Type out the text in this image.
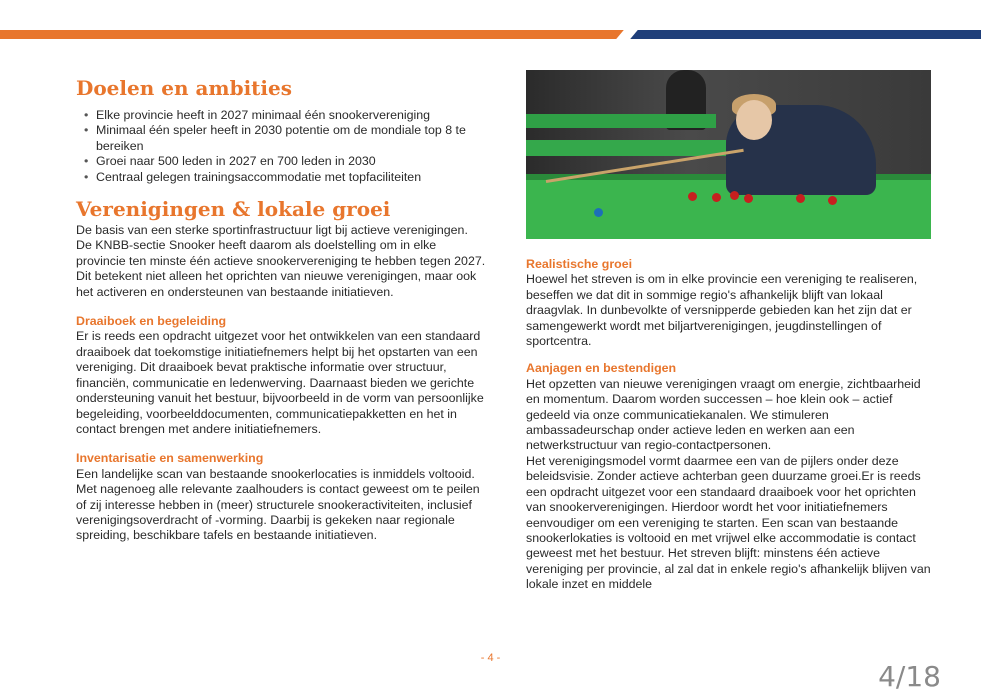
Doelen en ambities
• Elke provincie heeft in 2027 minimaal één snookervereniging
• Minimaal één speler heeft in 2030 potentie om de mondiale top 8 te bereiken
• Groei naar 500 leden in 2027 en 700 leden in 2030
• Centraal gelegen trainingsaccommodatie met topfaciliteiten
Verenigingen & lokale groei

De basis van een sterke sportinfrastructuur ligt bij actieve verenigingen. De KNBB-sectie Snooker heeft daarom als doelstelling om in elke provincie ten minste één actieve snookervereniging te hebben tegen 2027. Dit betekent niet alleen het oprichten van nieuwe verenigingen, maar ook het activeren en ondersteunen van bestaande initiatieven.

Draaiboek en begeleiding

Er is reeds een opdracht uitgezet voor het ontwikkelen van een standaard draaiboek dat toekomstige initiatiefnemers helpt bij het opstarten van een vereniging. Dit draaiboek bevat praktische informatie over structuur, financiën, communicatie en ledenwerving. Daarnaast bieden we gerichte ondersteuning vanuit het bestuur, bijvoorbeeld in de vorm van persoonlijke begeleiding, voorbeelddocumenten, communicatiepakketten en het in contact brengen met andere initiatiefnemers.

Inventarisatie en samenwerking

Een landelijke scan van bestaande snookerlocaties is inmiddels voltooid. Met nagenoeg alle relevante zaalhouders is contact geweest om te peilen of zij interesse hebben in (meer) structurele snookeractiviteiten, inclusief verenigingsoverdracht of -vorming. Daarbij is gekeken naar regionale spreiding, beschikbare tafels en bestaande initiatieven.

Realistische groei

Hoewel het streven is om in elke provincie een vereniging te realiseren, beseffen we dat dit in sommige regio's afhankelijk blijft van lokaal draagvlak. In dunbevolkte of versnipperde gebieden kan het zijn dat er samengewerkt wordt met biljartverenigingen, jeugdinstellingen of sportcentra.

Aanjagen en bestendigen

Het opzetten van nieuwe verenigingen vraagt om energie, zichtbaarheid en momentum. Daarom worden successen – hoe klein ook – actief gedeeld via onze communicatiekanalen. We stimuleren ambassadeurschap onder actieve leden en werken aan een netwerkstructuur van regio-contactpersonen.

Het verenigingsmodel vormt daarmee een van de pijlers onder deze beleidsvisie. Zonder actieve achterban geen duurzame groei.Er is reeds een opdracht uitgezet voor een standaard draaiboek voor het oprichten van snookerverenigingen. Hierdoor wordt het voor initiatiefnemers eenvoudiger om een vereniging te starten. Een scan van bestaande snookerlokaties is voltooid en met vrijwel elke accommodatie is contact geweest met het bestuur. Het streven blijft: minstens één actieve vereniging per provincie, al zal dat in enkele regio's afhankelijk blijven van lokale inzet en middele

- 4 -
4/18
